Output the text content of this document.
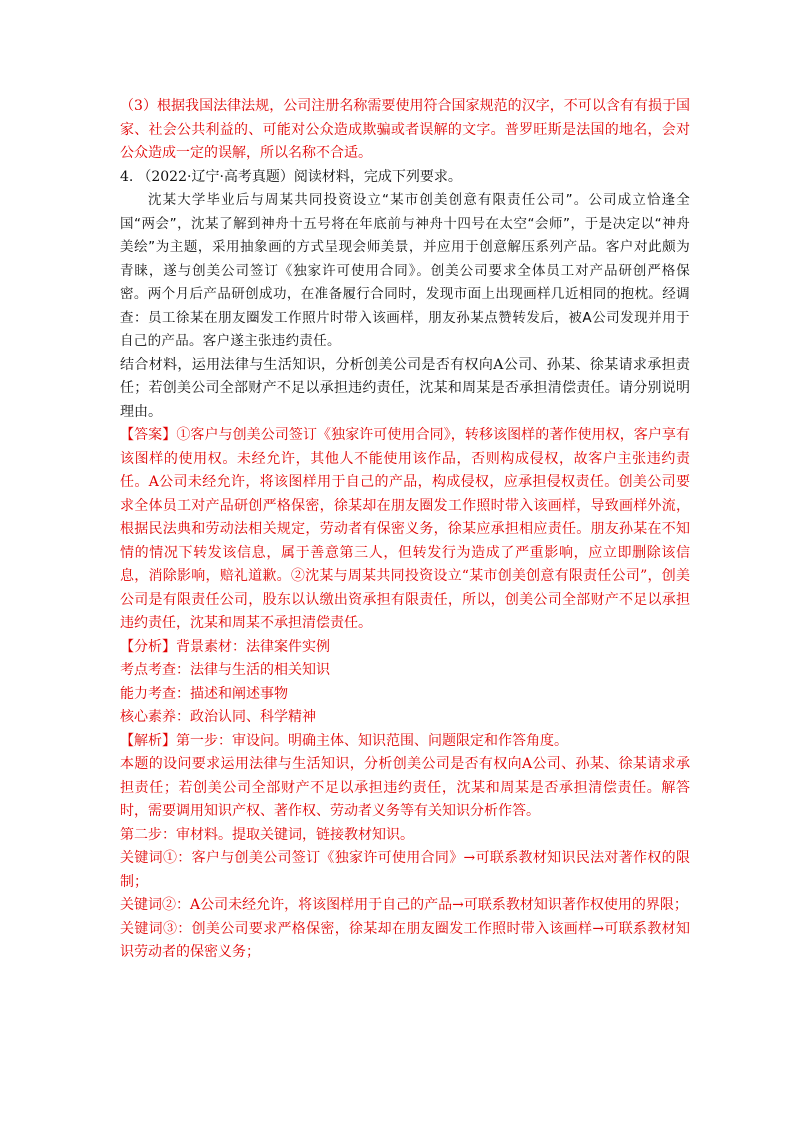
（3）根据我国法律法规，公司注册名称需要使用符合国家规范的汉字，不可以含有有损于国家、社会公共利益的、可能对公众造成欺骗或者误解的文字。普罗旺斯是法国的地名，会对公众造成一定的误解，所以名称不合适。

4. （2022·辽宁·高考真题）阅读材料，完成下列要求。

沈某大学毕业后与周某共同投资设立“某市创美创意有限责任公司”。公司成立恰逢全国“两会”，沈某了解到神舟十五号将在年底前与神舟十四号在太空“会师”，于是决定以“神舟美绘”为主题，采用抽象画的方式呈现会师美景，并应用于创意解压系列产品。客户对此颇为青睐，遂与创美公司签订《独家许可使用合同》。创美公司要求全体员工对产品研创严格保密。两个月后产品研创成功，在准备履行合同时，发现市面上出现画样几近相同的抱枕。经调查：员工徐某在朋友圈发工作照片时带入该画样，朋友孙某点赞转发后，被A公司发现并用于自己的产品。客户遂主张违约责任。

结合材料，运用法律与生活知识，分析创美公司是否有权向A公司、孙某、徐某请求承担责任；若创美公司全部财产不足以承担违约责任，沈某和周某是否承担清偿责任。请分别说明理由。

【答案】①客户与创美公司签订《独家许可使用合同》，转移该图样的著作使用权，客户享有该图样的使用权。未经允许，其他人不能使用该作品，否则构成侵权，故客户主张违约责任。A公司未经允许，将该图样用于自己的产品，构成侵权，应承担侵权责任。创美公司要求全体员工对产品研创严格保密，徐某却在朋友圈发工作照时带入该画样，导致画样外流，根据民法典和劳动法相关规定，劳动者有保密义务，徐某应承担相应责任。朋友孙某在不知情的情况下转发该信息，属于善意第三人，但转发行为造成了严重影响，应立即删除该信息，消除影响，赔礼道歉。②沈某与周某共同投资设立“某市创美创意有限责任公司”，创美公司是有限责任公司，股东以认缴出资承担有限责任，所以，创美公司全部财产不足以承担违约责任，沈某和周某不承担清偿责任。

【分析】背景素材：法律案件实例

考点考查：法律与生活的相关知识

能力考查：描述和阐述事物

核心素养：政治认同、科学精神

【解析】第一步：审设问。明确主体、知识范围、问题限定和作答角度。

本题的设问要求运用法律与生活知识，分析创美公司是否有权向A公司、孙某、徐某请求承担责任；若创美公司全部财产不足以承担违约责任，沈某和周某是否承担清偿责任。解答时，需要调用知识产权、著作权、劳动者义务等有关知识分析作答。

第二步：审材料。提取关键词，链接教材知识。

关键词①：客户与创美公司签订《独家许可使用合同》→可联系教材知识民法对著作权的限制；

关键词②：A公司未经允许，将该图样用于自己的产品→可联系教材知识著作权使用的界限；

关键词③：创美公司要求严格保密，徐某却在朋友圈发工作照时带入该画样→可联系教材知识劳动者的保密义务；
